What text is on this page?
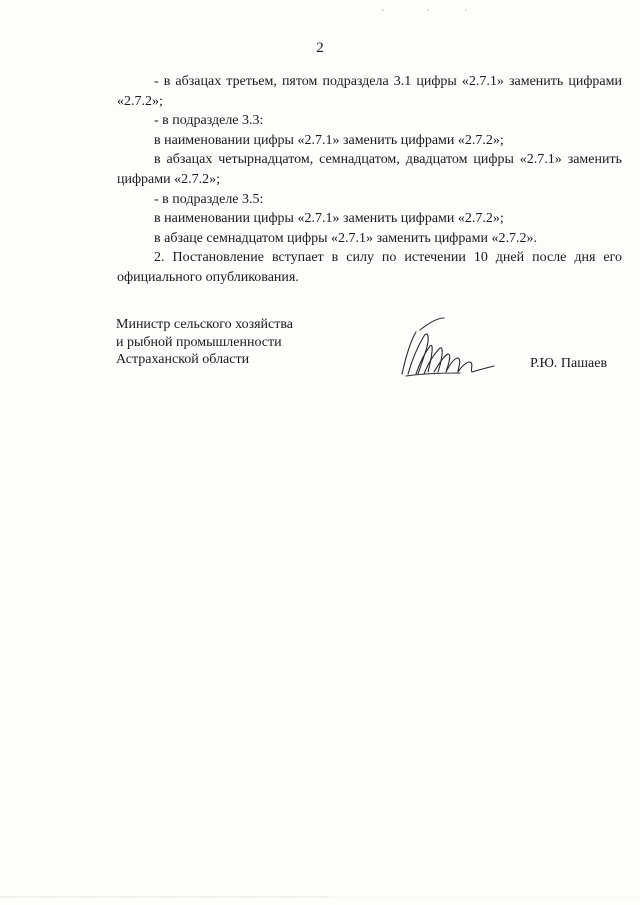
2

- в абзацах третьем, пятом подраздела 3.1 цифры «2.7.1» заменить цифрами «2.7.2»;

- в подразделе 3.3:

в наименовании цифры «2.7.1» заменить цифрами «2.7.2»;

в абзацах четырнадцатом, семнадцатом, двадцатом цифры «2.7.1» заменить цифрами «2.7.2»;

- в подразделе 3.5:

в наименовании цифры «2.7.1» заменить цифрами «2.7.2»;

в абзаце семнадцатом цифры «2.7.1» заменить цифрами «2.7.2».

2. Постановление вступает в силу по истечении 10 дней после дня его официального опубликования.

Министр сельского хозяйства
и рыбной промышленности
Астраханской области	Р.Ю. Пашаев
